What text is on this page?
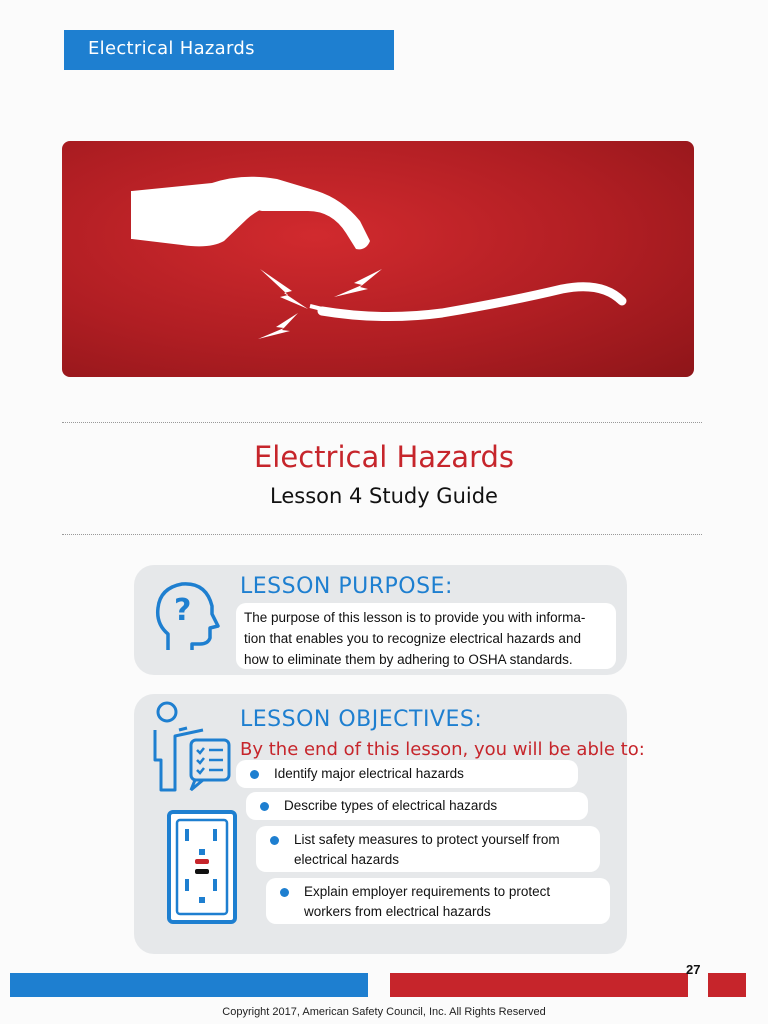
Electrical Hazards
Electrical Hazards
Lesson 4 Study Guide
?
LESSON PURPOSE:
The purpose of this lesson is to provide you with informa-
tion that enables you to recognize electrical hazards and
how to eliminate them by adhering to OSHA standards.
LESSON OBJECTIVES:
By the end of this lesson, you will be able to:
Identify major electrical hazards
Describe types of electrical hazards
List safety measures to protect yourself from
electrical hazards
Explain employer requirements to protect
workers from electrical hazards
27
Copyright 2017, American Safety Council, Inc. All Rights Reserved
